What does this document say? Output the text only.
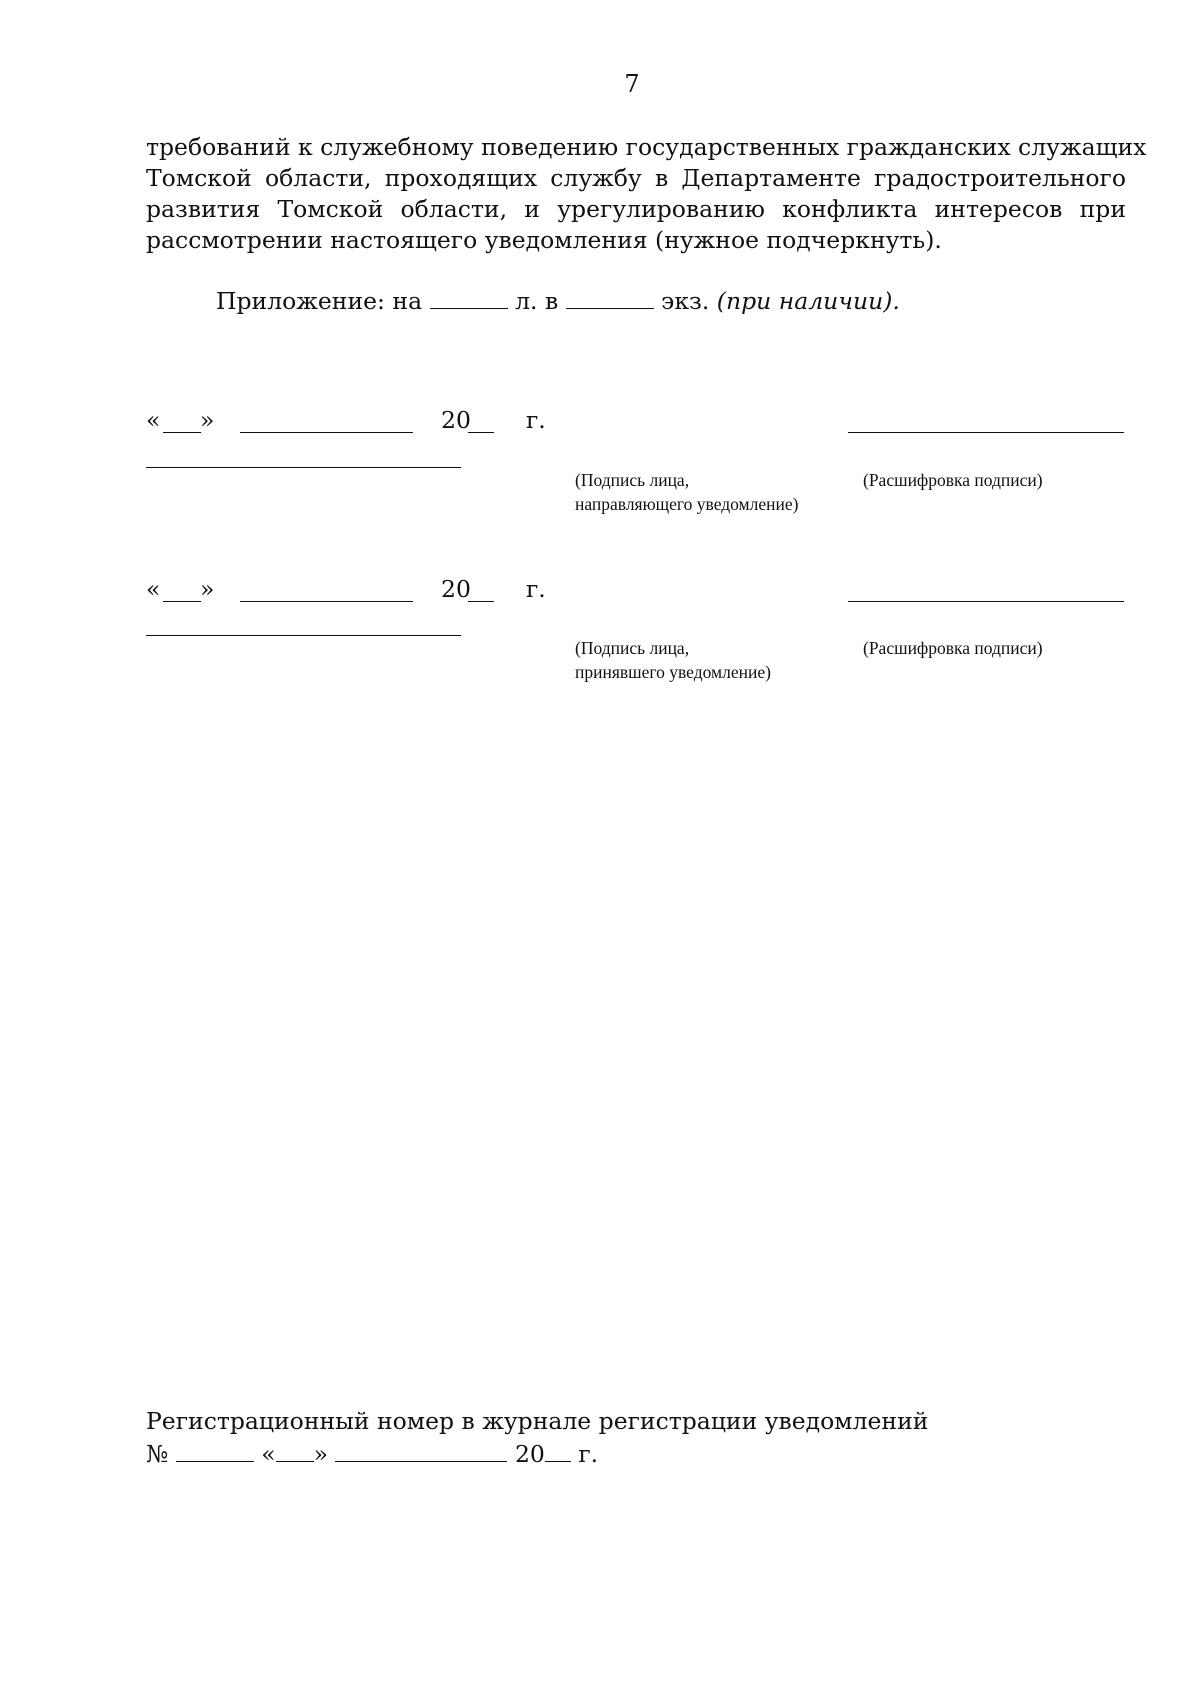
7
требований к служебному поведению государственных гражданских служащих
Томской области, проходящих службу в Департаменте градостроительного
развития Томской области, и урегулированию конфликта интересов при
рассмотрении настоящего уведомления (нужное подчеркнуть).
Приложение: на	л. в	экз. (при наличии).
« »	20 г.
(Подпись лица,
направляющего уведомление)
(Расшифровка подписи)
« »	20 г.
(Подпись лица,
принявшего уведомление)
(Расшифровка подписи)
Регистрационный номер в журнале регистрации уведомлений
№	« »	20 г.
